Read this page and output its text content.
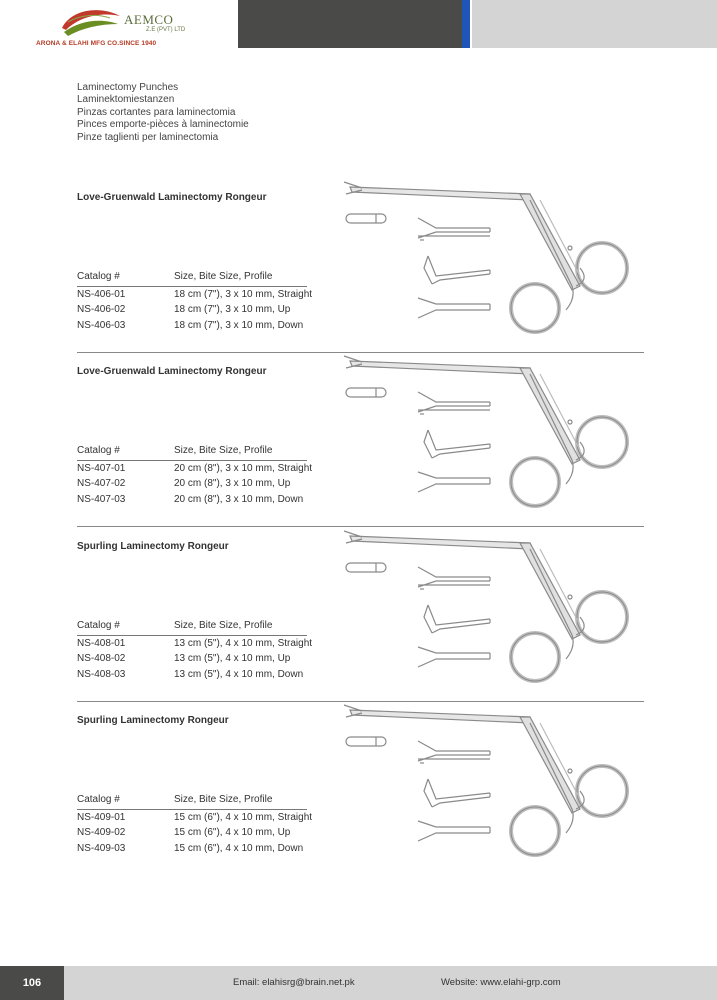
AEMCO
Z.E (PVT) LTD
ARONA & ELAHI MFG CO.SINCE 1940
Laminectomy Punches
Laminektomiestanzen
Pinzas cortantes para laminectomia
Pinces emporte-pièces à laminectomie
Pinze taglienti per laminectomia
Love-Gruenwald Laminectomy Rongeur
Catalog #	Size, Bite Size, Profile
NS-406-01	18 cm (7"), 3 x 10 mm, Straight
NS-406-02	18 cm (7"), 3 x 10 mm, Up
NS-406-03	18 cm (7"), 3 x 10 mm, Down
Love-Gruenwald Laminectomy Rongeur
Catalog #	Size, Bite Size, Profile
NS-407-01	20 cm (8"), 3 x 10 mm, Straight
NS-407-02	20 cm (8"), 3 x 10 mm, Up
NS-407-03	20 cm (8"), 3 x 10 mm, Down
Spurling Laminectomy Rongeur
Catalog #	Size, Bite Size, Profile
NS-408-01	13 cm (5"), 4 x 10 mm, Straight
NS-408-02	13 cm (5"), 4 x 10 mm, Up
NS-408-03	13 cm (5"), 4 x 10 mm, Down
Spurling Laminectomy Rongeur
Catalog #	Size, Bite Size, Profile
NS-409-01	15 cm (6"), 4 x 10 mm, Straight
NS-409-02	15 cm (6"), 4 x 10 mm, Up
NS-409-03	15 cm (6"), 4 x 10 mm, Down
106	Email: elahisrg@brain.net.pk	Website: www.elahi-grp.com
